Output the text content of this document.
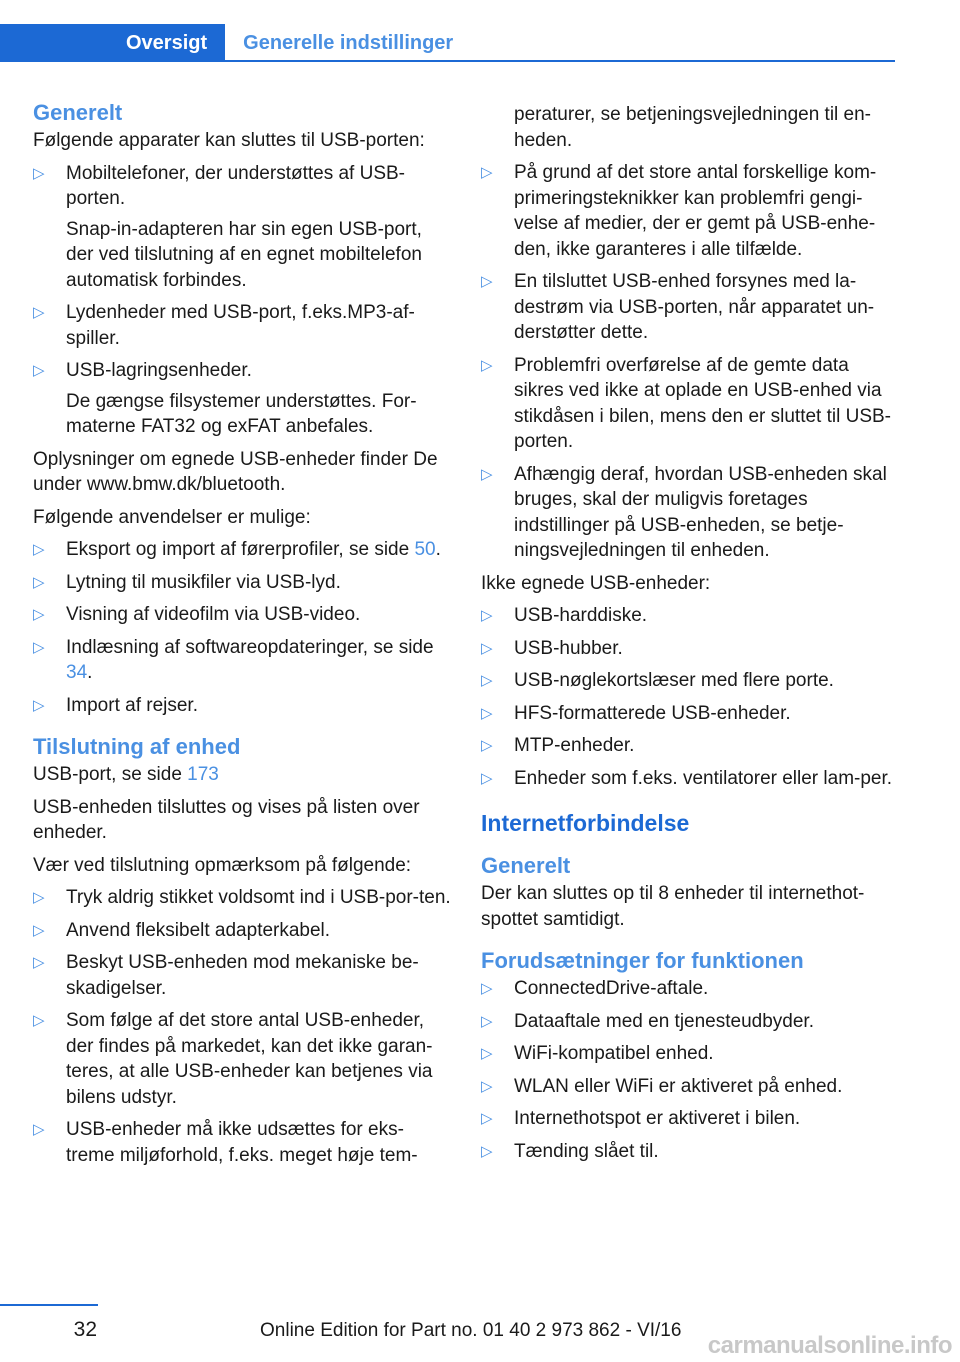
Oversigt	Generelle indstillinger
Generelt
Følgende apparater kan sluttes til USB-porten:
▷ Mobiltelefoner, der understøttes af USB-porten.
Snap-in-adapteren har sin egen USB-port, der ved tilslutning af en egnet mobiltelefon automatisk forbindes.
▷ Lydenheder med USB-port, f.eks.MP3-af-spiller.
▷ USB-lagringsenheder.
De gængse filsystemer understøttes. For-materne FAT32 og exFAT anbefales.
Oplysninger om egnede USB-enheder finder De under www.bmw.dk/bluetooth.
Følgende anvendelser er mulige:
▷ Eksport og import af førerprofiler, se side 50.
▷ Lytning til musikfiler via USB-lyd.
▷ Visning af videofilm via USB-video.
▷ Indlæsning af softwareopdateringer, se side 34.
▷ Import af rejser.
Tilslutning af enhed
USB-port, se side 173
USB-enheden tilsluttes og vises på listen over enheder.
Vær ved tilslutning opmærksom på følgende:
▷ Tryk aldrig stikket voldsomt ind i USB-por-ten.
▷ Anvend fleksibelt adapterkabel.
▷ Beskyt USB-enheden mod mekaniske be-skadigelser.
▷ Som følge af det store antal USB-enheder, der findes på markedet, kan det ikke garan-teres, at alle USB-enheder kan betjenes via bilens udstyr.
▷ USB-enheder må ikke udsættes for eks-treme miljøforhold, f.eks. meget høje tem-
peraturer, se betjeningsvejledningen til en-heden.
▷ På grund af det store antal forskellige kom-primeringsteknikker kan problemfri gengi-velse af medier, der er gemt på USB-enhe-den, ikke garanteres i alle tilfælde.
▷ En tilsluttet USB-enhed forsynes med la-destrøm via USB-porten, når apparatet un-derstøtter dette.
▷ Problemfri overførelse af de gemte data sikres ved ikke at oplade en USB-enhed via stikdåsen i bilen, mens den er sluttet til USB-porten.
▷ Afhængig deraf, hvordan USB-enheden skal bruges, skal der muligvis foretages indstillinger på USB-enheden, se betje-ningsvejledningen til enheden.
Ikke egnede USB-enheder:
▷ USB-harddiske.
▷ USB-hubber.
▷ USB-nøglekortslæser med flere porte.
▷ HFS-formatterede USB-enheder.
▷ MTP-enheder.
▷ Enheder som f.eks. ventilatorer eller lam-per.
Internetforbindelse
Generelt
Der kan sluttes op til 8 enheder til internethot-spottet samtidigt.
Forudsætninger for funktionen
▷ ConnectedDrive-aftale.
▷ Dataaftale med en tjenesteudbyder.
▷ WiFi-kompatibel enhed.
▷ WLAN eller WiFi er aktiveret på enhed.
▷ Internethotspot er aktiveret i bilen.
▷ Tænding slået til.
32	Online Edition for Part no. 01 40 2 973 862 - VI/16
carmanualsonline.info
